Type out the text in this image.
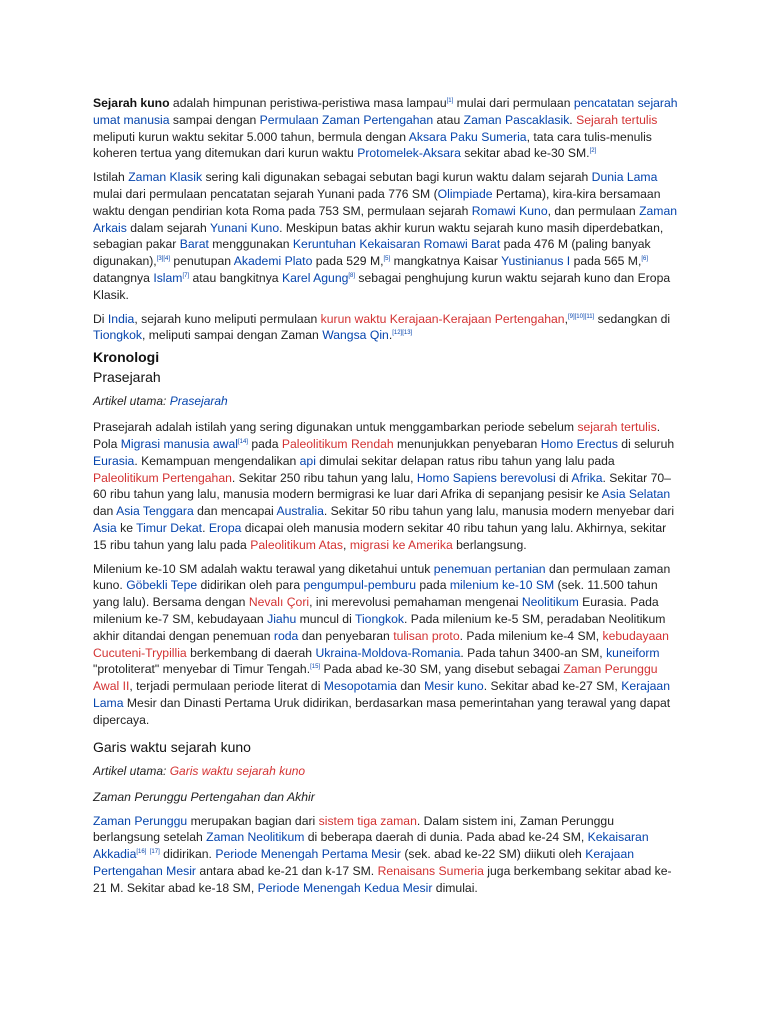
Sejarah kuno adalah himpunan peristiwa-peristiwa masa lampau[1] mulai dari permulaan pencatatan sejarah umat manusia sampai dengan Permulaan Zaman Pertengahan atau Zaman Pascaklasik. Sejarah tertulis meliputi kurun waktu sekitar 5.000 tahun, bermula dengan Aksara Paku Sumeria, tata cara tulis-menulis koheren tertua yang ditemukan dari kurun waktu Protomelek-Aksara sekitar abad ke-30 SM.[2]

Istilah Zaman Klasik sering kali digunakan sebagai sebutan bagi kurun waktu dalam sejarah Dunia Lama mulai dari permulaan pencatatan sejarah Yunani pada 776 SM (Olimpiade Pertama), kira-kira bersamaan waktu dengan pendirian kota Roma pada 753 SM, permulaan sejarah Romawi Kuno, dan permulaan Zaman Arkais dalam sejarah Yunani Kuno. Meskipun batas akhir kurun waktu sejarah kuno masih diperdebatkan, sebagian pakar Barat menggunakan Keruntuhan Kekaisaran Romawi Barat pada 476 M (paling banyak digunakan),[3][4] penutupan Akademi Plato pada 529 M,[5] mangkatnya Kaisar Yustinianus I pada 565 M,[6] datangnya Islam[7] atau bangkitnya Karel Agung[8] sebagai penghujung kurun waktu sejarah kuno dan Eropa Klasik.

Di India, sejarah kuno meliputi permulaan kurun waktu Kerajaan-Kerajaan Pertengahan,[9][10][11] sedangkan di Tiongkok, meliputi sampai dengan Zaman Wangsa Qin.[12][13]

Kronologi
Prasejarah
Artikel utama: Prasejarah

Prasejarah adalah istilah yang sering digunakan untuk menggambarkan periode sebelum sejarah tertulis. Pola Migrasi manusia awal[14] pada Paleolitikum Rendah menunjukkan penyebaran Homo Erectus di seluruh Eurasia. Kemampuan mengendalikan api dimulai sekitar delapan ratus ribu tahun yang lalu pada Paleolitikum Pertengahan. Sekitar 250 ribu tahun yang lalu, Homo Sapiens berevolusi di Afrika. Sekitar 70–60 ribu tahun yang lalu, manusia modern bermigrasi ke luar dari Afrika di sepanjang pesisir ke Asia Selatan dan Asia Tenggara dan mencapai Australia. Sekitar 50 ribu tahun yang lalu, manusia modern menyebar dari Asia ke Timur Dekat. Eropa dicapai oleh manusia modern sekitar 40 ribu tahun yang lalu. Akhirnya, sekitar 15 ribu tahun yang lalu pada Paleolitikum Atas, migrasi ke Amerika berlangsung.

Milenium ke-10 SM adalah waktu terawal yang diketahui untuk penemuan pertanian dan permulaan zaman kuno. Göbekli Tepe didirikan oleh para pengumpul-pemburu pada milenium ke-10 SM (sek. 11.500 tahun yang lalu). Bersama dengan Nevalı Çori, ini merevolusi pemahaman mengenai Neolitikum Eurasia. Pada milenium ke-7 SM, kebudayaan Jiahu muncul di Tiongkok. Pada milenium ke-5 SM, peradaban Neolitikum akhir ditandai dengan penemuan roda dan penyebaran tulisan proto. Pada milenium ke-4 SM, kebudayaan Cucuteni-Trypillia berkembang di daerah Ukraina-Moldova-Romania. Pada tahun 3400-an SM, kuneiform "protoliterat" menyebar di Timur Tengah.[15] Pada abad ke-30 SM, yang disebut sebagai Zaman Perunggu Awal II, terjadi permulaan periode literat di Mesopotamia dan Mesir kuno. Sekitar abad ke-27 SM, Kerajaan Lama Mesir dan Dinasti Pertama Uruk didirikan, berdasarkan masa pemerintahan yang terawal yang dapat dipercaya.

Garis waktu sejarah kuno
Artikel utama: Garis waktu sejarah kuno
Zaman Perunggu Pertengahan dan Akhir

Zaman Perunggu merupakan bagian dari sistem tiga zaman. Dalam sistem ini, Zaman Perunggu berlangsung setelah Zaman Neolitikum di beberapa daerah di dunia. Pada abad ke-24 SM, Kekaisaran Akkadia[16] [17] didirikan. Periode Menengah Pertama Mesir (sek. abad ke-22 SM) diikuti oleh Kerajaan Pertengahan Mesir antara abad ke-21 dan k-17 SM. Renaisans Sumeria juga berkembang sekitar abad ke-21 M. Sekitar abad ke-18 SM, Periode Menengah Kedua Mesir dimulai.
